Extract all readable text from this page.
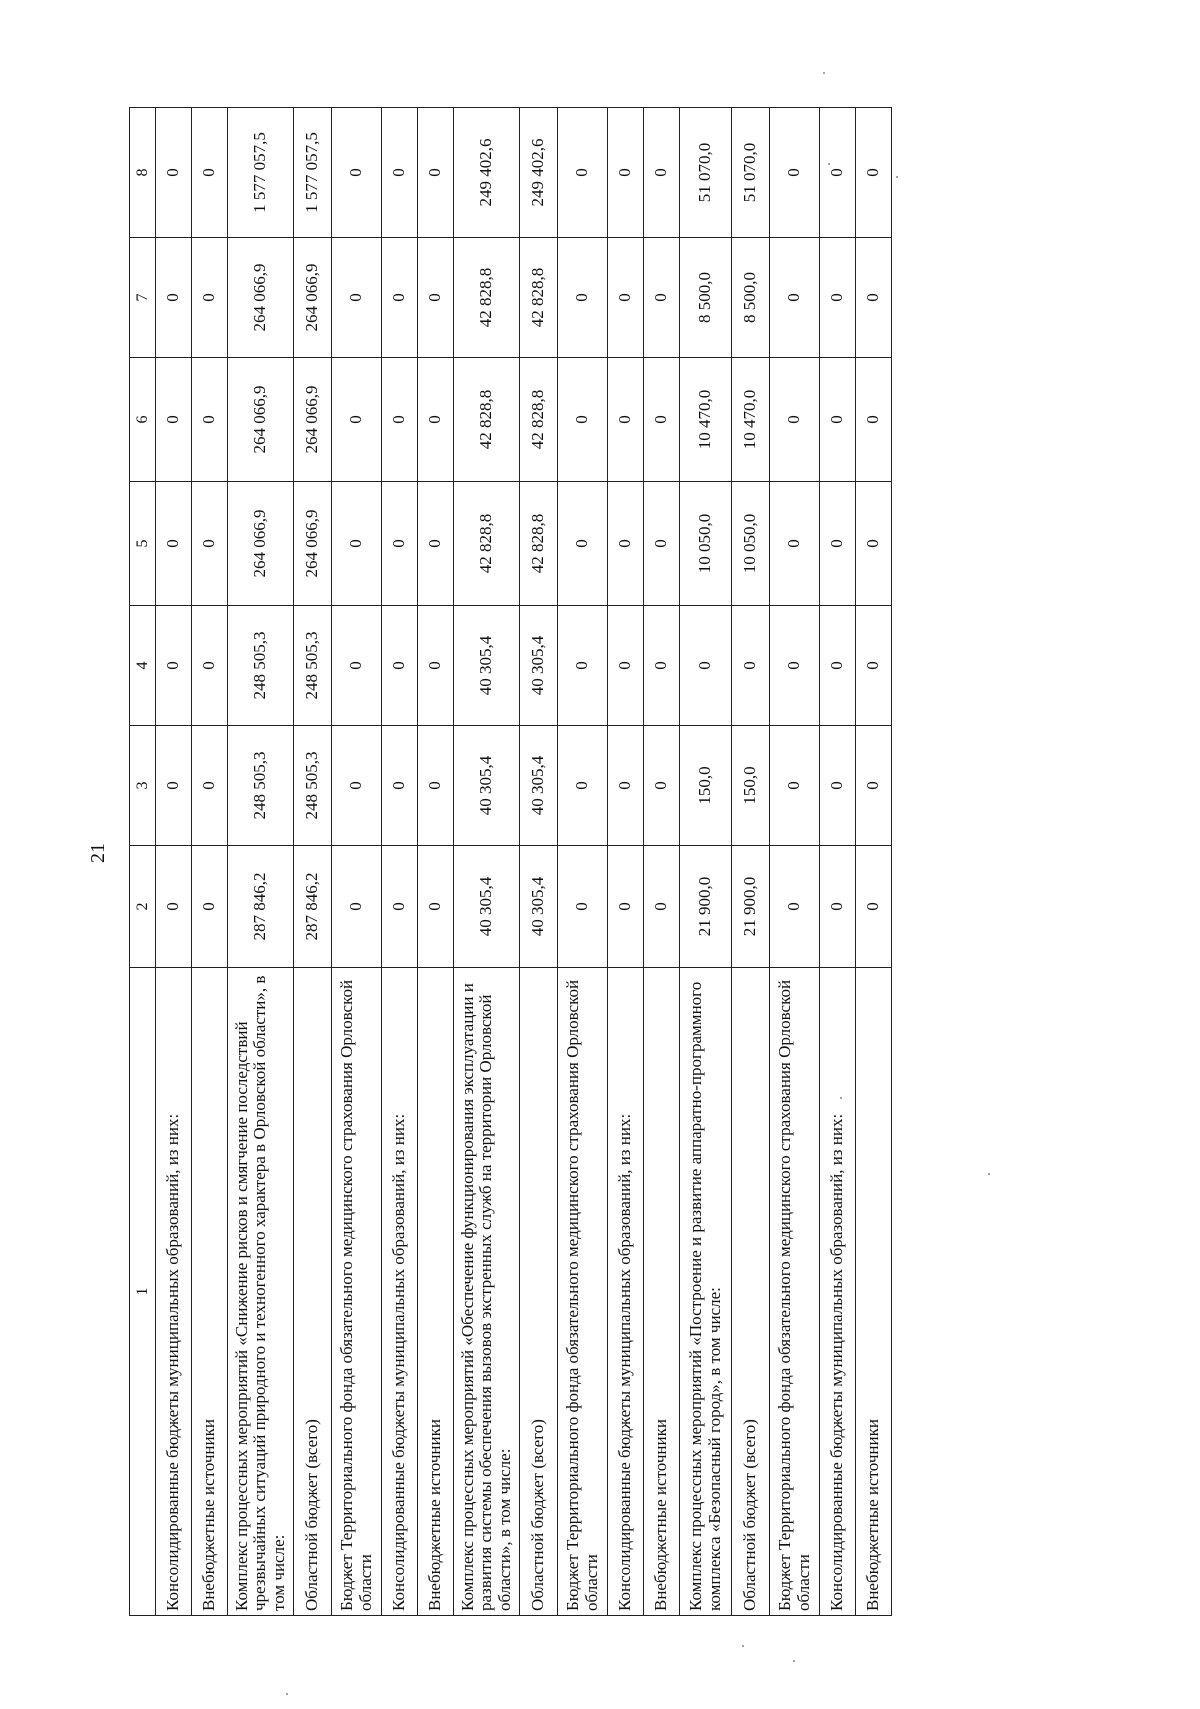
21
1	2	3	4	5	6	7	8
Консолидированные бюджеты муниципальных образований, из них:	0	0	0	0	0	0	0
Внебюджетные источники	0	0	0	0	0	0	0
Комплекс процессных мероприятий «Снижение рисков и смягчение последствий чрезвычайных ситуаций природного и техногенного характера в Орловской области», в том числе:	287 846,2	248 505,3	248 505,3	264 066,9	264 066,9	264 066,9	1 577 057,5
Областной бюджет (всего)	287 846,2	248 505,3	248 505,3	264 066,9	264 066,9	264 066,9	1 577 057,5
Бюджет Территориального фонда обязательного медицинского страхования Орловской области	0	0	0	0	0	0	0
Консолидированные бюджеты муниципальных образований, из них:	0	0	0	0	0	0	0
Внебюджетные источники	0	0	0	0	0	0	0
Комплекс процессных мероприятий «Обеспечение функционирования эксплуатации и развития системы обеспечения вызовов экстренных служб на территории Орловской области», в том числе:	40 305,4	40 305,4	40 305,4	42 828,8	42 828,8	42 828,8	249 402,6
Областной бюджет (всего)	40 305,4	40 305,4	40 305,4	42 828,8	42 828,8	42 828,8	249 402,6
Бюджет Территориального фонда обязательного медицинского страхования Орловской области	0	0	0	0	0	0	0
Консолидированные бюджеты муниципальных образований, из них:	0	0	0	0	0	0	0
Внебюджетные источники	0	0	0	0	0	0	0
Комплекс процессных мероприятий «Построение и развитие аппаратно-программного комплекса «Безопасный город», в том числе:	21 900,0	150,0	0	10 050,0	10 470,0	8 500,0	51 070,0
Областной бюджет (всего)	21 900,0	150,0	0	10 050,0	10 470,0	8 500,0	51 070,0
Бюджет Территориального фонда обязательного медицинского страхования Орловской области	0	0	0	0	0	0	0
Консолидированные бюджеты муниципальных образований, из них:	0	0	0	0	0	0	0
Внебюджетные источники	0	0	0	0	0	0	0
